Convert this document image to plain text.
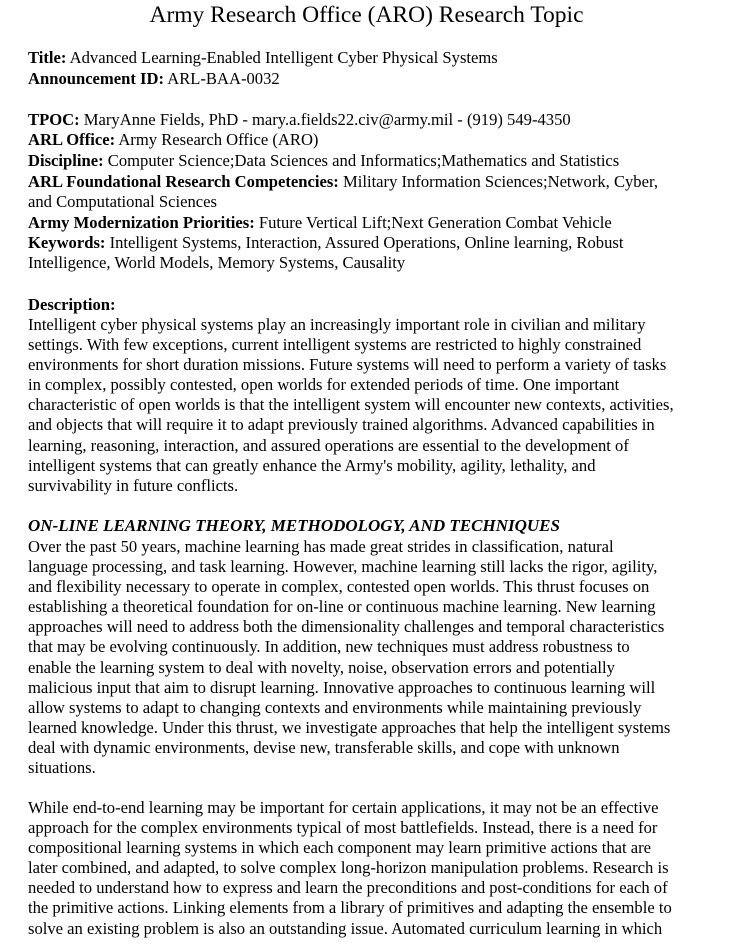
Army Research Office (ARO) Research Topic
Title: Advanced Learning-Enabled Intelligent Cyber Physical Systems
Announcement ID: ARL-BAA-0032
TPOC: MaryAnne Fields, PhD - mary.a.fields22.civ@army.mil - (919) 549-4350
ARL Office: Army Research Office (ARO)
Discipline: Computer Science;Data Sciences and Informatics;Mathematics and Statistics
ARL Foundational Research Competencies: Military Information Sciences;Network, Cyber,
and Computational Sciences
Army Modernization Priorities: Future Vertical Lift;Next Generation Combat Vehicle
Keywords: Intelligent Systems, Interaction, Assured Operations, Online learning, Robust
Intelligence, World Models, Memory Systems, Causality
Description:
Intelligent cyber physical systems play an increasingly important role in civilian and military
settings. With few exceptions, current intelligent systems are restricted to highly constrained
environments for short duration missions. Future systems will need to perform a variety of tasks
in complex, possibly contested, open worlds for extended periods of time. One important
characteristic of open worlds is that the intelligent system will encounter new contexts, activities,
and objects that will require it to adapt previously trained algorithms. Advanced capabilities in
learning, reasoning, interaction, and assured operations are essential to the development of
intelligent systems that can greatly enhance the Army's mobility, agility, lethality, and
survivability in future conflicts.
ON-LINE LEARNING THEORY, METHODOLOGY, AND TECHNIQUES
Over the past 50 years, machine learning has made great strides in classification, natural
language processing, and task learning. However, machine learning still lacks the rigor, agility,
and flexibility necessary to operate in complex, contested open worlds. This thrust focuses on
establishing a theoretical foundation for on-line or continuous machine learning. New learning
approaches will need to address both the dimensionality challenges and temporal characteristics
that may be evolving continuously. In addition, new techniques must address robustness to
enable the learning system to deal with novelty, noise, observation errors and potentially
malicious input that aim to disrupt learning. Innovative approaches to continuous learning will
allow systems to adapt to changing contexts and environments while maintaining previously
learned knowledge. Under this thrust, we investigate approaches that help the intelligent systems
deal with dynamic environments, devise new, transferable skills, and cope with unknown
situations.
While end-to-end learning may be important for certain applications, it may not be an effective
approach for the complex environments typical of most battlefields. Instead, there is a need for
compositional learning systems in which each component may learn primitive actions that are
later combined, and adapted, to solve complex long-horizon manipulation problems. Research is
needed to understand how to express and learn the preconditions and post-conditions for each of
the primitive actions. Linking elements from a library of primitives and adapting the ensemble to
solve an existing problem is also an outstanding issue. Automated curriculum learning in which
